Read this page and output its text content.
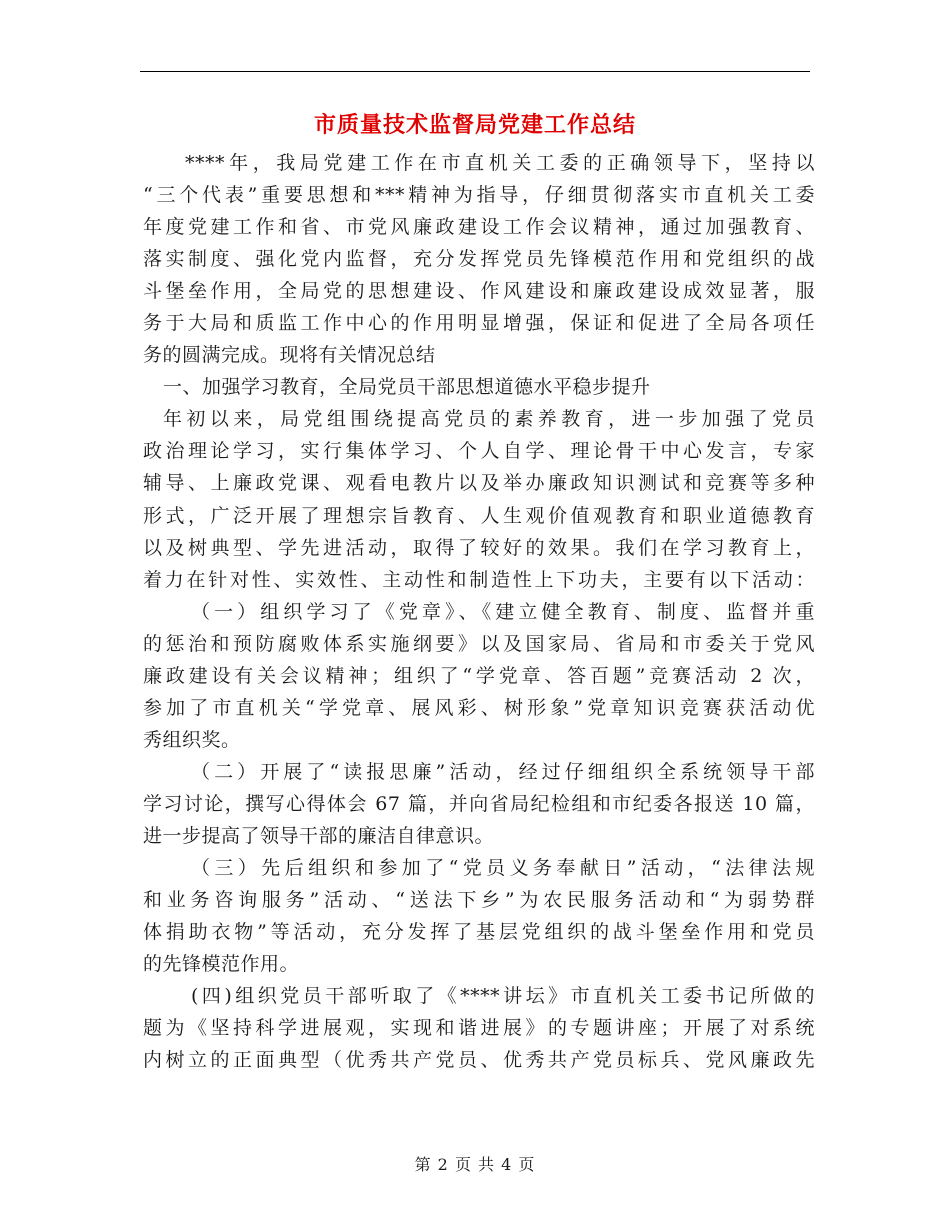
市质量技术监督局党建工作总结
****年，我局党建工作在市直机关工委的正确领导下，坚持以
“三个代表”重要思想和***精神为指导，仔细贯彻落实市直机关工委
年度党建工作和省、市党风廉政建设工作会议精神，通过加强教育、
落实制度、强化党内监督，充分发挥党员先锋模范作用和党组织的战
斗堡垒作用，全局党的思想建设、作风建设和廉政建设成效显著，服
务于大局和质监工作中心的作用明显增强，保证和促进了全局各项任
务的圆满完成。现将有关情况总结
一、加强学习教育，全局党员干部思想道德水平稳步提升
年初以来，局党组围绕提高党员的素养教育，进一步加强了党员
政治理论学习，实行集体学习、个人自学、理论骨干中心发言，专家
辅导、上廉政党课、观看电教片以及举办廉政知识测试和竞赛等多种
形式，广泛开展了理想宗旨教育、人生观价值观教育和职业道德教育
以及树典型、学先进活动，取得了较好的效果。我们在学习教育上，
着力在针对性、实效性、主动性和制造性上下功夫，主要有以下活动：
（一）组织学习了《党章》、《建立健全教育、制度、监督并重
的惩治和预防腐败体系实施纲要》以及国家局、省局和市委关于党风
廉政建设有关会议精神；组织了“学党章、答百题”竞赛活动 2 次，
参加了市直机关“学党章、展风彩、树形象”党章知识竞赛获活动优
秀组织奖。
（二）开展了“读报思廉”活动，经过仔细组织全系统领导干部
学习讨论，撰写心得体会 67 篇，并向省局纪检组和市纪委各报送 10 篇，
进一步提高了领导干部的廉洁自律意识。
（三）先后组织和参加了“党员义务奉献日”活动，“法律法规
和业务咨询服务”活动、“送法下乡”为农民服务活动和“为弱势群
体捐助衣物”等活动，充分发挥了基层党组织的战斗堡垒作用和党员
的先锋模范作用。
(四)组织党员干部听取了《****讲坛》市直机关工委书记所做的
题为《坚持科学进展观，实现和谐进展》的专题讲座；开展了对系统
内树立的正面典型（优秀共产党员、优秀共产党员标兵、党风廉政先
第 2 页 共 4 页
